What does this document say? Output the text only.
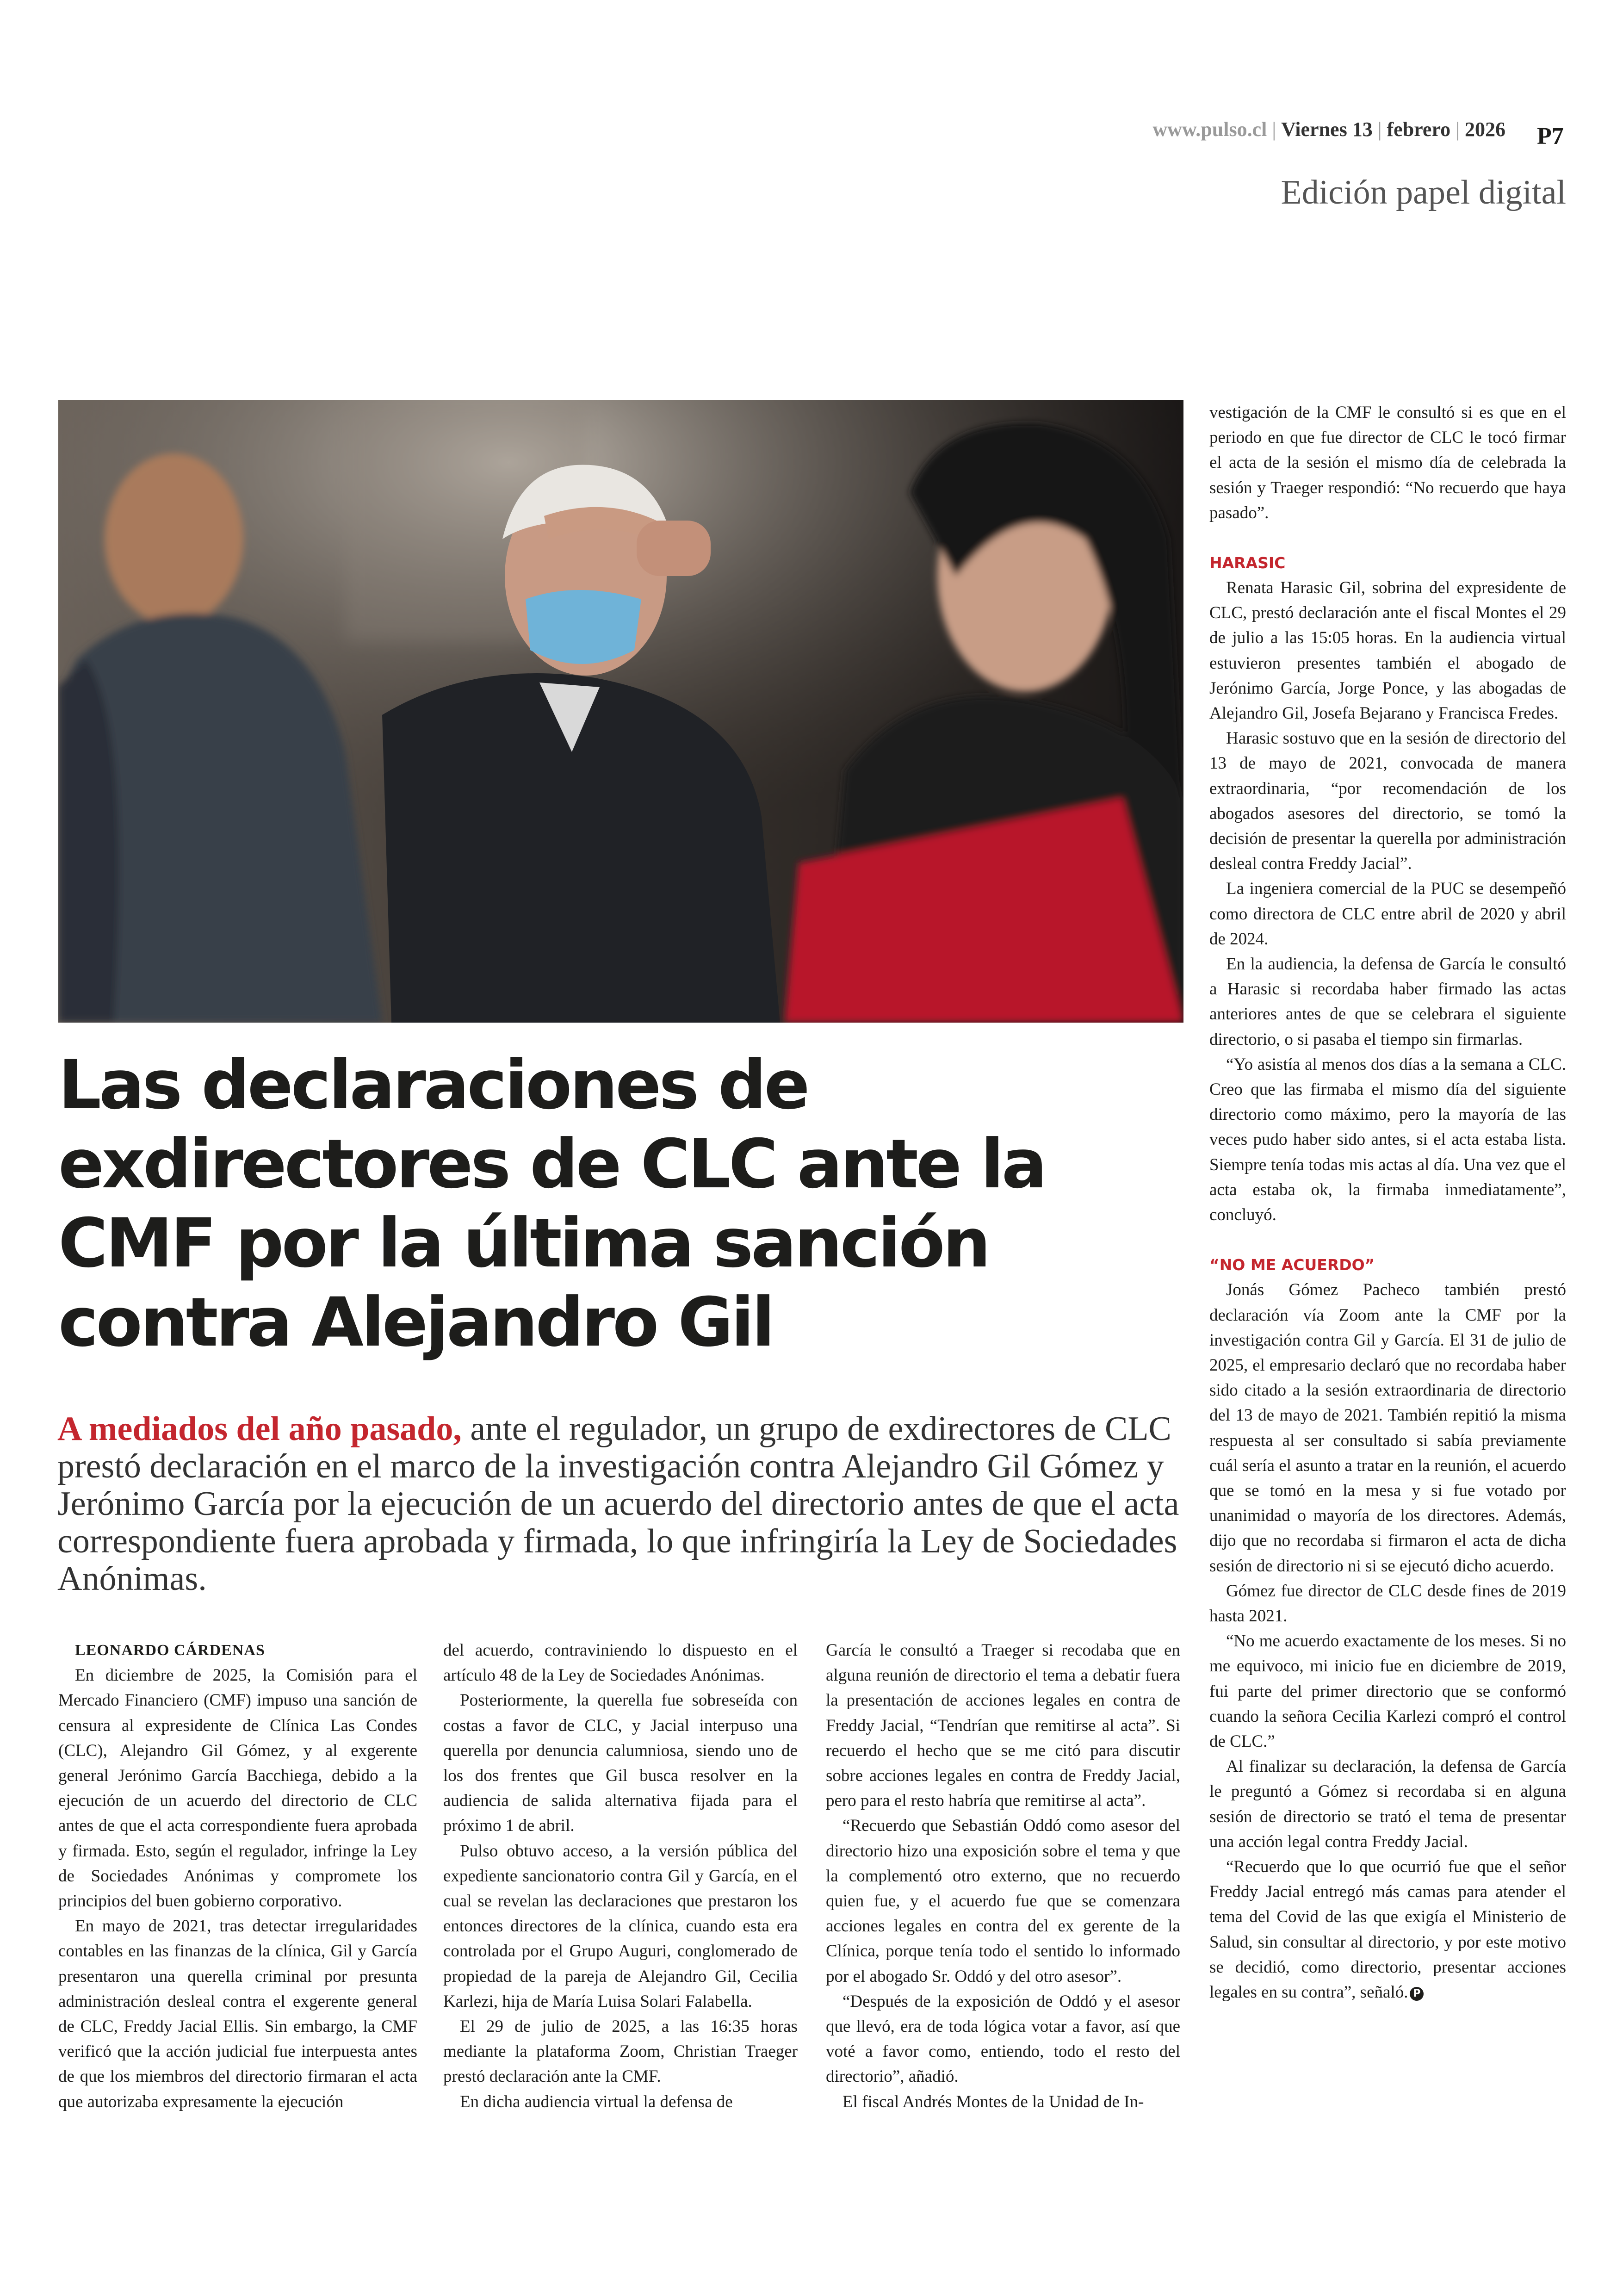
www.pulso.cl | Viernes 13 | febrero | 2026	P7
Edición papel digital
Las declaraciones de exdirectores de CLC ante la CMF por la última sanción contra Alejandro Gil

A mediados del año pasado, ante el regulador, un grupo de exdirectores de CLC prestó declaración en el marco de la investigación contra Alejandro Gil Gómez y Jerónimo García por la ejecución de un acuerdo del directorio antes de que el acta correspondiente fuera aprobada y firmada, lo que infringiría la Ley de Sociedades Anónimas.

LEONARDO CÁRDENAS

En diciembre de 2025, la Comisión para el Mercado Financiero (CMF) impuso una sanción de censura al expresidente de Clínica Las Condes (CLC), Alejandro Gil Gómez, y al exgerente general Jerónimo García Bacchiega, debido a la ejecución de un acuerdo del directorio de CLC antes de que el acta correspondiente fuera aprobada y firmada. Esto, según el regulador, infringe la Ley de Sociedades Anónimas y compromete los principios del buen gobierno corporativo.

En mayo de 2021, tras detectar irregularidades contables en las finanzas de la clínica, Gil y García presentaron una querella criminal por presunta administración desleal contra el exgerente general de CLC, Freddy Jacial Ellis. Sin embargo, la CMF verificó que la acción judicial fue interpuesta antes de que los miembros del directorio firmaran el acta que autorizaba expresamente la ejecución

del acuerdo, contraviniendo lo dispuesto en el artículo 48 de la Ley de Sociedades Anónimas.

Posteriormente, la querella fue sobreseída con costas a favor de CLC, y Jacial interpuso una querella por denuncia calumniosa, siendo uno de los dos frentes que Gil busca resolver en la audiencia de salida alternativa fijada para el próximo 1 de abril.

Pulso obtuvo acceso, a la versión pública del expediente sancionatorio contra Gil y García, en el cual se revelan las declaraciones que prestaron los entonces directores de la clínica, cuando esta era controlada por el Grupo Auguri, conglomerado de propiedad de la pareja de Alejandro Gil, Cecilia Karlezi, hija de María Luisa Solari Falabella.

El 29 de julio de 2025, a las 16:35 horas mediante la plataforma Zoom, Christian Traeger prestó declaración ante la CMF.

En dicha audiencia virtual la defensa de

García le consultó a Traeger si recodaba que en alguna reunión de directorio el tema a debatir fuera la presentación de acciones legales en contra de Freddy Jacial, “Tendrían que remitirse al acta”. Si recuerdo el hecho que se me citó para discutir sobre acciones legales en contra de Freddy Jacial, pero para el resto habría que remitirse al acta”.

“Recuerdo que Sebastián Oddó como asesor del directorio hizo una exposición sobre el tema y que la complementó otro externo, que no recuerdo quien fue, y el acuerdo fue que se comenzara acciones legales en contra del ex gerente de la Clínica, porque tenía todo el sentido lo informado por el abogado Sr. Oddó y del otro asesor”.

“Después de la exposición de Oddó y el asesor que llevó, era de toda lógica votar a favor, así que voté a favor como, entiendo, todo el resto del directorio”, añadió.

El fiscal Andrés Montes de la Unidad de In-

vestigación de la CMF le consultó si es que en el periodo en que fue director de CLC le tocó firmar el acta de la sesión el mismo día de celebrada la sesión y Traeger respondió: “No recuerdo que haya pasado”.

HARASIC

Renata Harasic Gil, sobrina del expresidente de CLC, prestó declaración ante el fiscal Montes el 29 de julio a las 15:05 horas. En la audiencia virtual estuvieron presentes también el abogado de Jerónimo García, Jorge Ponce, y las abogadas de Alejandro Gil, Josefa Bejarano y Francisca Fredes.

Harasic sostuvo que en la sesión de directorio del 13 de mayo de 2021, convocada de manera extraordinaria, “por recomendación de los abogados asesores del directorio, se tomó la decisión de presentar la querella por administración desleal contra Freddy Jacial”.

La ingeniera comercial de la PUC se desempeñó como directora de CLC entre abril de 2020 y abril de 2024.

En la audiencia, la defensa de García le consultó a Harasic si recordaba haber firmado las actas anteriores antes de que se celebrara el siguiente directorio, o si pasaba el tiempo sin firmarlas.

“Yo asistía al menos dos días a la semana a CLC. Creo que las firmaba el mismo día del siguiente directorio como máximo, pero la mayoría de las veces pudo haber sido antes, si el acta estaba lista. Siempre tenía todas mis actas al día. Una vez que el acta estaba ok, la firmaba inmediatamente”, concluyó.

“NO ME ACUERDO”

Jonás Gómez Pacheco también prestó declaración vía Zoom ante la CMF por la investigación contra Gil y García. El 31 de julio de 2025, el empresario declaró que no recordaba haber sido citado a la sesión extraordinaria de directorio del 13 de mayo de 2021. También repitió la misma respuesta al ser consultado si sabía previamente cuál sería el asunto a tratar en la reunión, el acuerdo que se tomó en la mesa y si fue votado por unanimidad o mayoría de los directores. Además, dijo que no recordaba si firmaron el acta de dicha sesión de directorio ni si se ejecutó dicho acuerdo.

Gómez fue director de CLC desde fines de 2019 hasta 2021.

“No me acuerdo exactamente de los meses. Si no me equivoco, mi inicio fue en diciembre de 2019, fui parte del primer directorio que se conformó cuando la señora Cecilia Karlezi compró el control de CLC.”

Al finalizar su declaración, la defensa de García le preguntó a Gómez si recordaba si en alguna sesión de directorio se trató el tema de presentar una acción legal contra Freddy Jacial.

“Recuerdo que lo que ocurrió fue que el señor Freddy Jacial entregó más camas para atender el tema del Covid de las que exigía el Ministerio de Salud, sin consultar al directorio, y por este motivo se decidió, como directorio, presentar acciones legales en su contra”, señaló. P
